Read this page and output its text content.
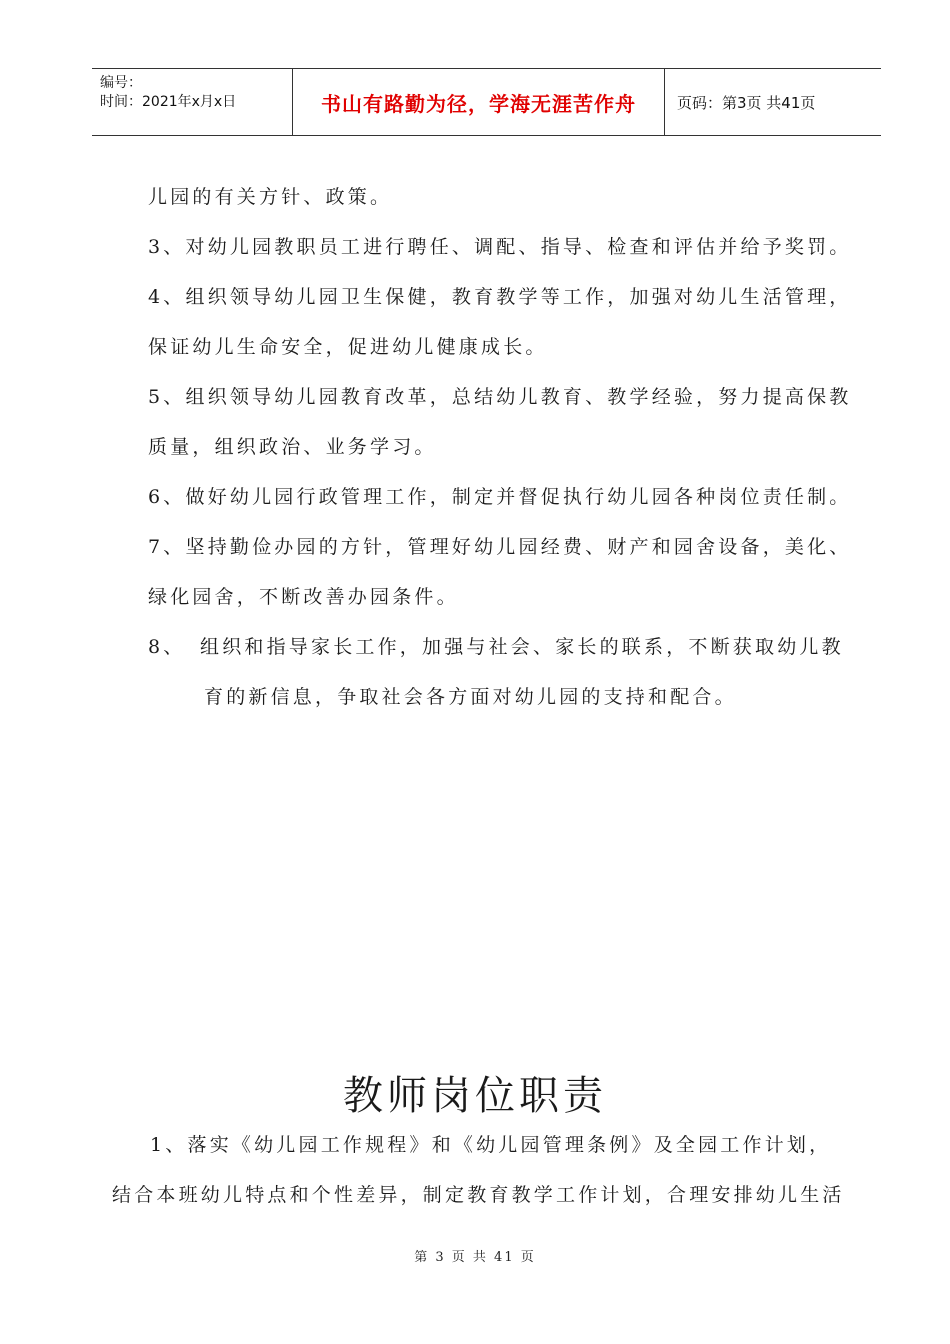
编号：
时间：2021年x月x日	书山有路勤为径，学海无涯苦作舟	页码：第3页 共41页
儿园的有关方针、政策。
3、对幼儿园教职员工进行聘任、调配、指导、检查和评估并给予奖罚。
4、组织领导幼儿园卫生保健，教育教学等工作，加强对幼儿生活管理，
保证幼儿生命安全，促进幼儿健康成长。
5、组织领导幼儿园教育改革，总结幼儿教育、教学经验，努力提高保教
质量，组织政治、业务学习。
6、做好幼儿园行政管理工作，制定并督促执行幼儿园各种岗位责任制。
7、坚持勤俭办园的方针，管理好幼儿园经费、财产和园舍设备，美化、
绿化园舍，不断改善办园条件。
8、 组织和指导家长工作，加强与社会、家长的联系，不断获取幼儿教
育的新信息，争取社会各方面对幼儿园的支持和配合。
教师岗位职责
1、落实《幼儿园工作规程》和《幼儿园管理条例》及全园工作计划，
结合本班幼儿特点和个性差异，制定教育教学工作计划，合理安排幼儿生活
第 3 页 共 41 页
